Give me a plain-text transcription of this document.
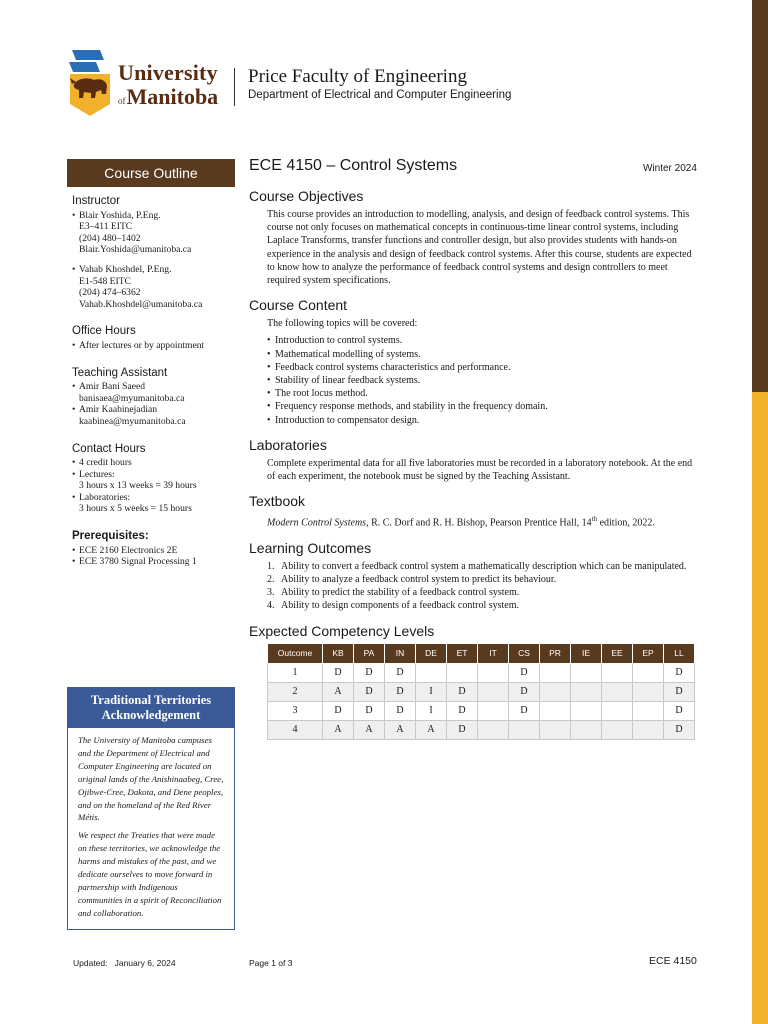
University
$^{of}$Manitoba
Price Faculty of Engineering
Department of Electrical and Computer Engineering
Course Outline
Instructor
• Blair Yoshida, P.Eng.
E3–411 EITC
(204) 480–1402
Blair.Yoshida@umanitoba.ca
• Vahab Khoshdel, P.Eng.
E1-548 EITC
(204) 474–6362
Vahab.Khoshdel@umanitoba.ca
Office Hours
• After lectures or by appointment
Teaching Assistant
• Amir Bani Saeed
banisaea@myumanitoba.ca
• Amir Kaabinejadian
kaabinea@myumanitoba.ca
Contact Hours
• 4 credit hours
• Lectures:
3 hours x 13 weeks = 39 hours
• Laboratories:
3 hours x 5 weeks = 15 hours
Prerequisites:
• ECE 2160 Electronics 2E
• ECE 3780 Signal Processing 1
Traditional Territories
Acknowledgement

The University of Manitoba campuses and the Department of Electrical and Computer Engineering are located on original lands of the Anishinaabeg, Cree, Ojibwe-Cree, Dakota, and Dene peoples, and on the homeland of the Red River Métis.

We respect the Treaties that were made on these territories, we acknowledge the harms and mistakes of the past, and we dedicate ourselves to move forward in partnership with Indigenous communities in a spirit of Reconciliation and collaboration.

ECE 4150 – Control Systems	Winter 2024
Course Objectives
This course provides an introduction to modelling, analysis, and design of feedback control systems. This course not only focuses on mathematical concepts in continuous-time linear control systems, including Laplace Transforms, transfer functions and controller design, but also provides students with hands-on experience in the analysis and design of feedback control systems. After this course, students are expected to know how to analyze the performance of feedback control systems and design controllers to meet required system specifications.
Course Content
The following topics will be covered:
• Introduction to control systems.
• Mathematical modelling of systems.
• Feedback control systems characteristics and performance.
• Stability of linear feedback systems.
• The root locus method.
• Frequency response methods, and stability in the frequency domain.
• Introduction to compensator design.
Laboratories
Complete experimental data for all five laboratories must be recorded in a laboratory notebook. At the end of each experiment, the notebook must be signed by the Teaching Assistant.
Textbook
Modern Control Systems, R. C. Dorf and R. H. Bishop, Pearson Prentice Hall, 14th edition, 2022.
Learning Outcomes
1. Ability to convert a feedback control system a mathematically description which can be manipulated.
2. Ability to analyze a feedback control system to predict its behaviour.
3. Ability to predict the stability of a feedback control system.
4. Ability to design components of a feedback control system.
Expected Competency Levels
Outcome	KB	PA	IN	DE	ET	IT	CS	PR	IE	EE	EP	LL
1	D	D	D				D					D
2	A	D	D	I	D		D					D
3	D	D	D	I	D		D					D
4	A	A	A	A	D							D
Updated: January 6, 2024	Page 1 of 3	ECE 4150
